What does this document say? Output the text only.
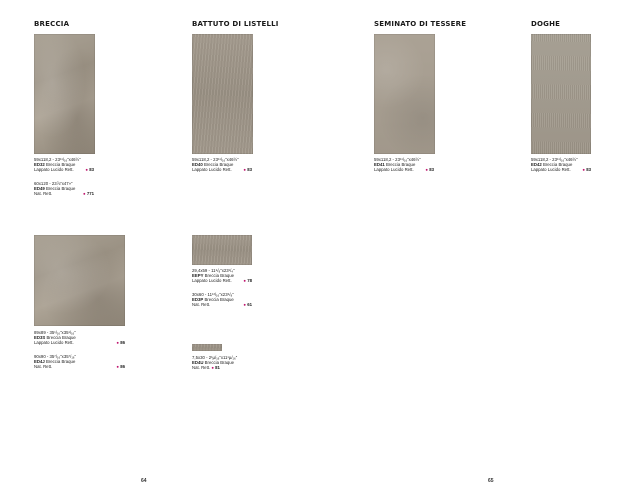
BRECCIA	BATTUTO DI LISTELLI	SEMINATO DI TESSERE	DOGHE
59x118,2 - 23¹¹/₁₆”x46½”
ED32 Breccia Braque
Lappato Lucido Rett.	● 83
60x120 - 23⅞”x47»”
ED49 Breccia Braque
Nat. Rett.	● 771
59x118,2 - 23¹¹/₁₆”x46½”
ED40 Breccia Braque
Lappato Lucido Rett.	● 83
59x118,2 - 23¹¹/₁₆”x46½”
ED41 Breccia Braque
Lappato Lucido Rett.	● 83
59x118,2 - 23¹¹/₁₆”x46½”
ED42 Breccia Braque
Lappato Lucido Rett.	● 83
89x89 - 35¹/₁₆”x35¹/₁₆”
ED3S Breccia Braque
Lappato Lucido Rett.	● 86
90x90 - 35⁷/₁₆”x35⁷/₁₆”
ED4J Breccia Braque
Nat. Rett.	● 86
29,4x59 - 11⁵/₈”x23¹/₄”
EEPY Breccia Braque
Lappato Lucido Rett.	● 78
30x60 - 11¹³/₁₆”x23⁶/₈”
ED3P Breccia Braque
Nat. Rett.	● 61
7,5x30 - 2¹µ/₁₆”x11¹µ/₁₆”
ED4U Breccia Braque
Nat. Rett. ● 81
64	65
